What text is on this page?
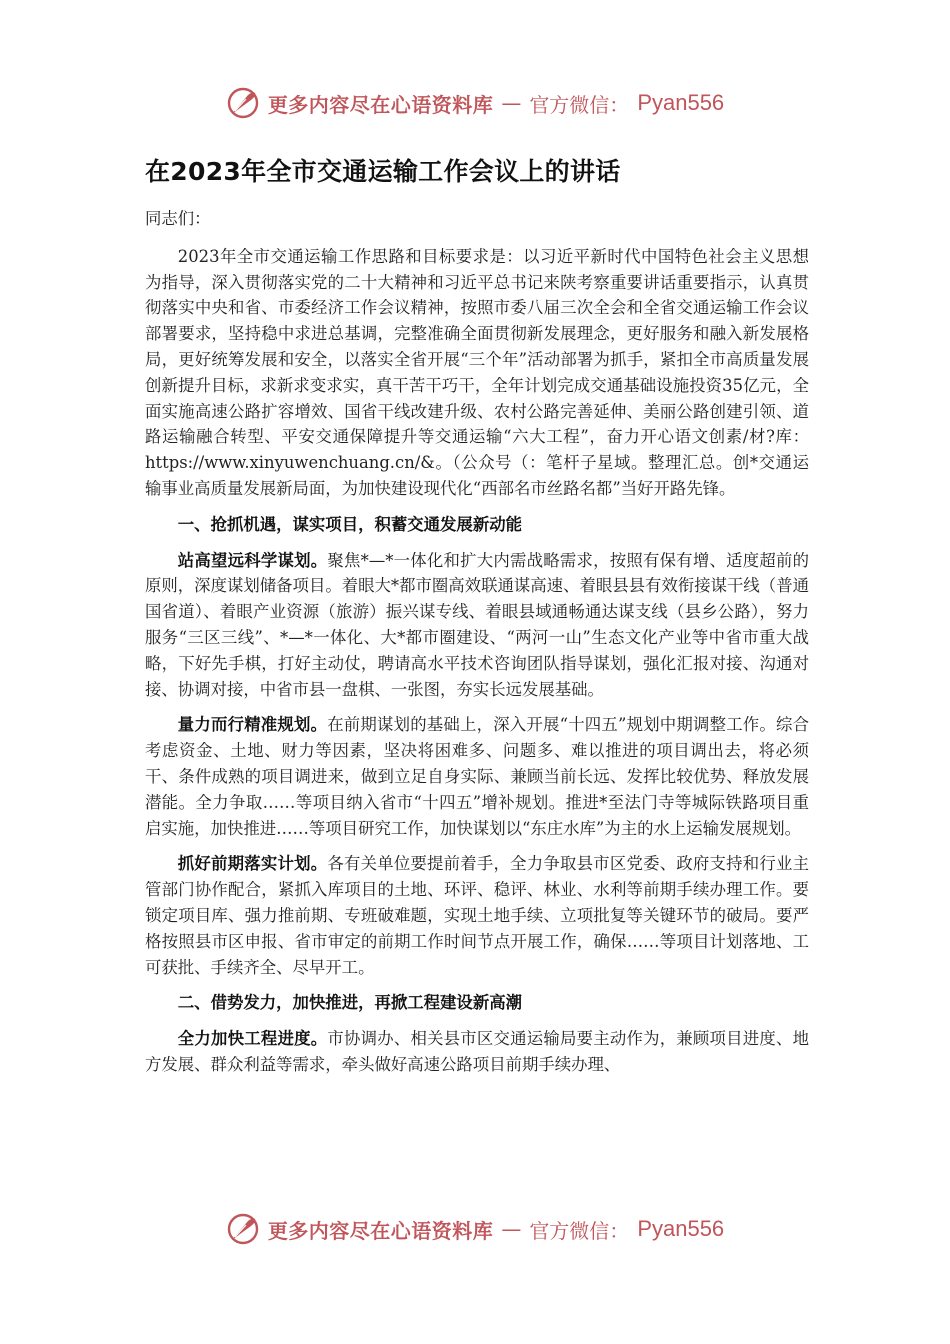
更多内容尽在心语资料库 — 官方微信： Pyan556
在2023年全市交通运输工作会议上的讲话

同志们：

2023年全市交通运输工作思路和目标要求是：以习近平新时代中国特色社会主义思想为指导，深入贯彻落实党的二十大精神和习近平总书记来陕考察重要讲话重要指示，认真贯彻落实中央和省、市委经济工作会议精神，按照市委八届三次全会和全省交通运输工作会议部署要求，坚持稳中求进总基调，完整准确全面贯彻新发展理念，更好服务和融入新发展格局，更好统筹发展和安全，以落实全省开展“三个年”活动部署为抓手，紧扣全市高质量发展创新提升目标，求新求变求实，真干苦干巧干，全年计划完成交通基础设施投资35亿元，全面实施高速公路扩容增效、国省干线改建升级、农村公路完善延伸、美丽公路创建引领、道路运输融合转型、平安交通保障提升等交通运输“六大工程”，奋力开心语文创素/材?库：https://www.xinyuwenchuang.cn/&。（公众号（：笔杆子星域。整理汇总。创*交通运输事业高质量发展新局面，为加快建设现代化“西部名市丝路名都”当好开路先锋。

一、抢抓机遇，谋实项目，积蓄交通发展新动能

站高望远科学谋划。聚焦*—*一体化和扩大内需战略需求，按照有保有增、适度超前的原则，深度谋划储备项目。着眼大*都市圈高效联通谋高速、着眼县县有效衔接谋干线（普通国省道）、着眼产业资源（旅游）振兴谋专线、着眼县域通畅通达谋支线（县乡公路），努力服务“三区三线”、*—*一体化、大*都市圈建设、“两河一山”生态文化产业等中省市重大战略，下好先手棋，打好主动仗，聘请高水平技术咨询团队指导谋划，强化汇报对接、沟通对接、协调对接，中省市县一盘棋、一张图，夯实长远发展基础。

量力而行精准规划。在前期谋划的基础上，深入开展“十四五”规划中期调整工作。综合考虑资金、土地、财力等因素，坚决将困难多、问题多、难以推进的项目调出去，将必须干、条件成熟的项目调进来，做到立足自身实际、兼顾当前长远、发挥比较优势、释放发展潜能。全力争取……等项目纳入省市“十四五”增补规划。推进*至法门寺等城际铁路项目重启实施，加快推进……等项目研究工作，加快谋划以“东庄水库”为主的水上运输发展规划。

抓好前期落实计划。各有关单位要提前着手，全力争取县市区党委、政府支持和行业主管部门协作配合，紧抓入库项目的土地、环评、稳评、林业、水利等前期手续办理工作。要锁定项目库、强力推前期、专班破难题，实现土地手续、立项批复等关键环节的破局。要严格按照县市区申报、省市审定的前期工作时间节点开展工作，确保……等项目计划落地、工可获批、手续齐全、尽早开工。

二、借势发力，加快推进，再掀工程建设新高潮

全力加快工程进度。市协调办、相关县市区交通运输局要主动作为，兼顾项目进度、地方发展、群众利益等需求，牵头做好高速公路项目前期手续办理、

更多内容尽在心语资料库 — 官方微信： Pyan556
